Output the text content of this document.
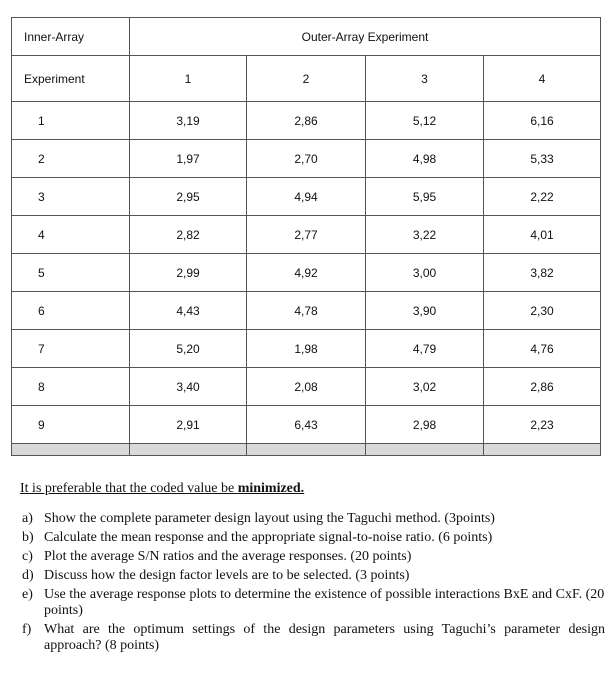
Inner-Array	Outer-Array Experiment			
Experiment	1	2	3	4
1	3,19	2,86	5,12	6,16
2	1,97	2,70	4,98	5,33
3	2,95	4,94	5,95	2,22
4	2,82	2,77	3,22	4,01
5	2,99	4,92	3,00	3,82
6	4,43	4,78	3,90	2,30
7	5,20	1,98	4,79	4,76
8	3,40	2,08	3,02	2,86
9	2,91	6,43	2,98	2,23

It is preferable that the coded value be minimized.

a) Show the complete parameter design layout using the Taguchi method. (3points)
b) Calculate the mean response and the appropriate signal-to-noise ratio. (6 points)
c) Plot the average S/N ratios and the average responses. (20 points)
d) Discuss how the design factor levels are to be selected. (3 points)
e) Use the average response plots to determine the existence of possible interactions BxE and CxF. (20 points)
f) What are the optimum settings of the design parameters using Taguchi’s parameter design approach? (8 points)
